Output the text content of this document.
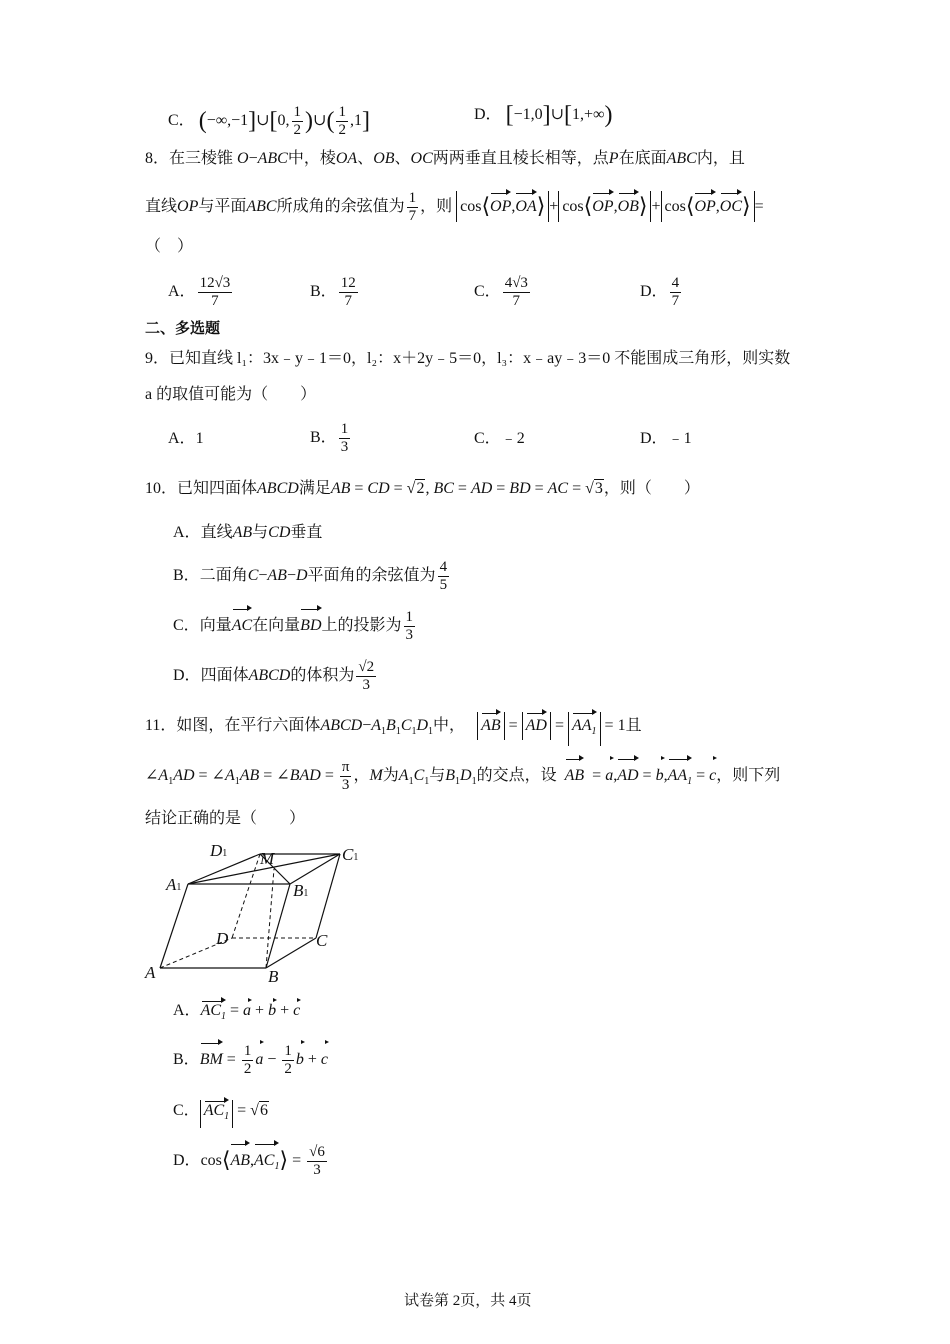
C． (−∞,−1]∪[0, $\frac{1}{2}$ )∪( $\frac{1}{2} ,1$]	D． [−1,0]∪[1,+∞)
8．在三棱锥 O−ABC中，棱OA、OB、OC两两垂直且棱长相等，点P在底面ABC内，且
直线OP与平面ABC所成角的余弦值为 $\frac{1}{7}$ ，则 cos⟨OP,OA⟩ + cos⟨OP,OB⟩ + cos⟨OP,OC⟩ =
（　）
A． $\frac{12√3}{7}$	B． $\frac{12}{7}$	C． $\frac{4√3}{7}$	D． $\frac{4}{7}$
二、多选题
9．已知直线 l₁：3x﹣y﹣1＝0，l₂：x＋2y﹣5＝0，l₃：x﹣ay﹣3＝0 不能围成三角形，则实数
a 的取值可能为（　　）
A．1	B． $\frac{1}{3}$	C．﹣2	D．﹣1
10．已知四面体ABCD满足AB = CD = √2, BC = AD = BD = AC = √3，则（　　）
A．直线AB与CD垂直
B．二面角C−AB−D平面角的余弦值为 $\frac{4}{5}$
C．向量AC在向量BD上的投影为 $\frac{1}{3}$
D．四面体ABCD的体积为 $\frac{√2}{3}$
11．如图，在平行六面体$ABCD-A_1B_1C_1D_1$中， AB = AD = $AA_1 = 1$且
$\angle A_1AD$ = $\angle A_1AB$ = ∠BAD = $\frac{\pi}{3}$ ，M为$A_1C_1$与$B_1D_1$的交点，设 AB  = $a,AD = b,AA_1 = c$，则下列
结论正确的是（　　）
D1 M	C1
A1	B1
D	C
A	B
A．$AC_1 = a + b + c$
B．BM = $\frac{1}{2}$ $a - \frac{1}{2}$ b + c
C． $AC_1 = √6$
D．$\cos⟨AB,AC_1⟩ = \frac{√6}{3}$
试卷第 2页，共 4页
